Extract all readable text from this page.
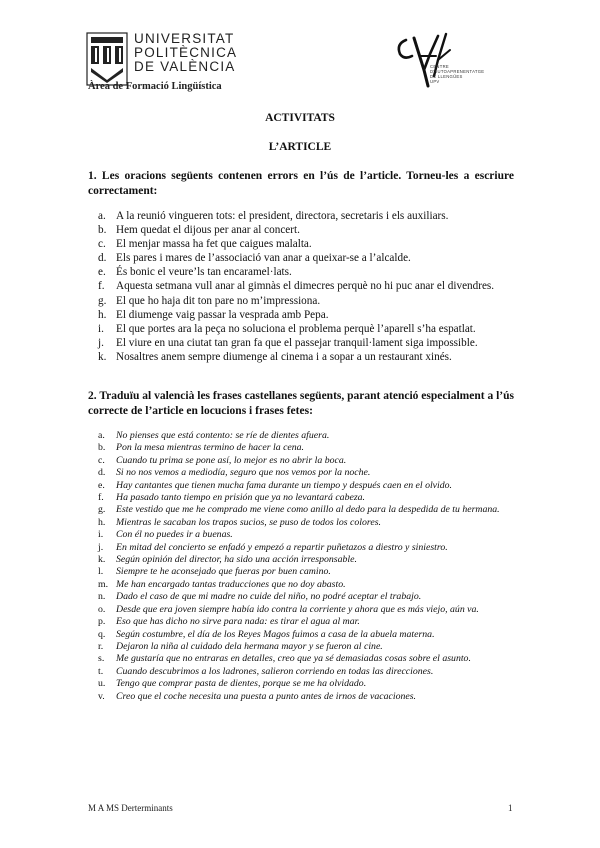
UNIVERSITAT
POLITÈCNICA
DE VALÈNCIA
Àrea de Formació Lingüística
CENTRE
D'AUTOAPRENENTATGE
DE LLENGÜES
UPV
ACTIVITATS
L’ARTICLE
1. Les oracions següents contenen errors en l’ús de l’article. Torneu-les a escriure correctament:
a. A la reunió vingueren tots: el president, directora, secretaris i els auxiliars.
b. Hem quedat el dijous per anar al concert.
c. El menjar massa ha fet que caigues malalta.
d. Els pares i mares de l’associació van anar a queixar-se a l’alcalde.
e. És bonic el veure’ls tan encaramel·lats.
f. Aquesta setmana vull anar al gimnàs el dimecres perquè no hi puc anar el divendres.
g. El que ho haja dit ton pare no m’impressiona.
h. El diumenge vaig passar la vesprada amb Pepa.
i. El que portes ara la peça no soluciona el problema perquè l’aparell s’ha espatlat.
j. El viure en una ciutat tan gran fa que el passejar tranquil·lament siga impossible.
k. Nosaltres anem sempre diumenge al cinema i a sopar a un restaurant xinés.
2. Traduïu al valencià les frases castellanes següents, parant atenció especialment a l’ús correcte de l’article en locucions i frases fetes:
a. No pienses que está contento: se ríe de dientes afuera.
b. Pon la mesa mientras termino de hacer la cena.
c. Cuando tu prima se pone así, lo mejor es no abrir la boca.
d. Si no nos vemos a mediodía, seguro que nos vemos por la noche.
e. Hay cantantes que tienen mucha fama durante un tiempo y después caen en el olvido.
f. Ha pasado tanto tiempo en prisión que ya no levantará cabeza.
g. Este vestido que me he comprado me viene como anillo al dedo para la despedida de tu hermana.
h. Mientras le sacaban los trapos sucios, se puso de todos los colores.
i. Con él no puedes ir a buenas.
j. En mitad del concierto se enfadó y empezó a repartir puñetazos a diestro y siniestro.
k. Según opinión del director, ha sido una acción irresponsable.
l. Siempre te he aconsejado que fueras por buen camino.
m. Me han encargado tantas traducciones que no doy abasto.
n. Dado el caso de que mi madre no cuide del niño, no podré aceptar el trabajo.
o. Desde que era joven siempre había ido contra la corriente y ahora que es más viejo, aún va.
p. Eso que has dicho no sirve para nada: es tirar el agua al mar.
q. Según costumbre, el día de los Reyes Magos fuimos a casa de la abuela materna.
r. Dejaron la niña al cuidado dela hermana mayor y se fueron al cine.
s. Me gustaría que no entraras en detalles, creo que ya sé demasiadas cosas sobre el asunto.
t. Cuando descubrimos a los ladrones, salieron corriendo en todas las direcciones.
u. Tengo que comprar pasta de dientes, porque se me ha olvidado.
v. Creo que el coche necesita una puesta a punto antes de irnos de vacaciones.
M A MS Derterminants	1
